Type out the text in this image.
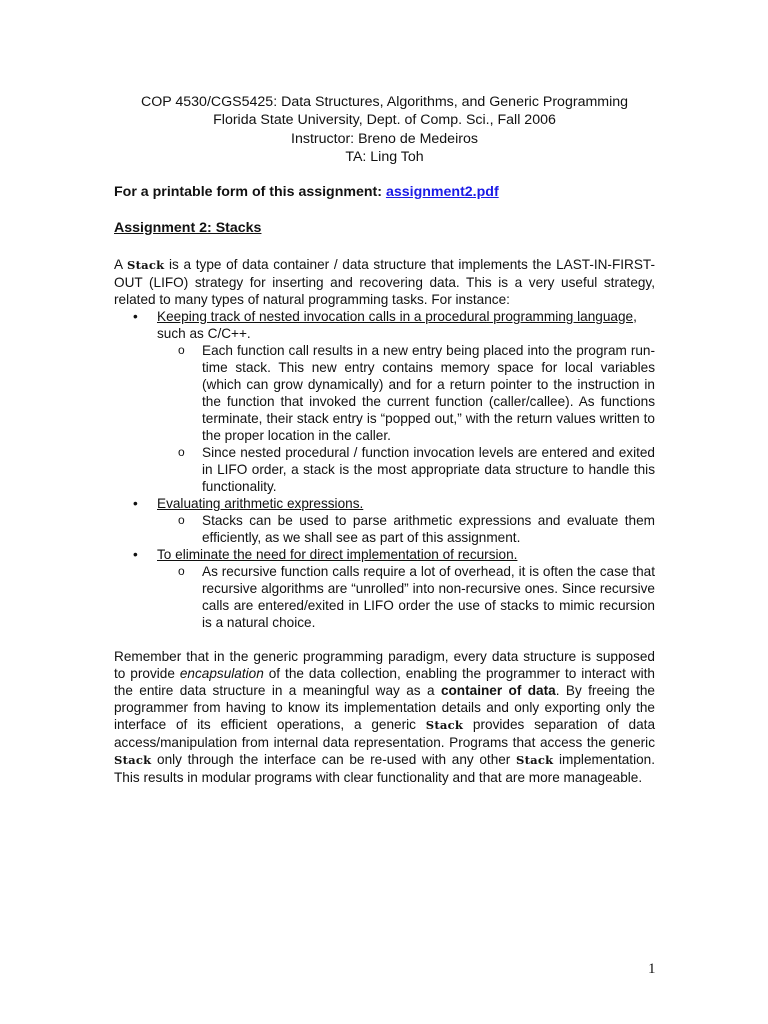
COP 4530/CGS5425: Data Structures, Algorithms, and Generic Programming
Florida State University, Dept. of Comp. Sci., Fall 2006
Instructor: Breno de Medeiros
TA: Ling Toh
For a printable form of this assignment: assignment2.pdf
Assignment 2: Stacks

A Stack is a type of data container / data structure that implements the LAST-IN-FIRST-OUT (LIFO) strategy for inserting and recovering data. This is a very useful strategy, related to many types of natural programming tasks. For instance:

• Keeping track of nested invocation calls in a procedural programming language, such as C/C++.
o Each function call results in a new entry being placed into the program run-time stack. This new entry contains memory space for local variables (which can grow dynamically) and for a return pointer to the instruction in the function that invoked the current function (caller/callee). As functions terminate, their stack entry is “popped out,” with the return values written to the proper location in the caller.
o Since nested procedural / function invocation levels are entered and exited in LIFO order, a stack is the most appropriate data structure to handle this functionality.
• Evaluating arithmetic expressions.
o Stacks can be used to parse arithmetic expressions and evaluate them efficiently, as we shall see as part of this assignment.
• To eliminate the need for direct implementation of recursion.
o As recursive function calls require a lot of overhead, it is often the case that recursive algorithms are “unrolled” into non-recursive ones. Since recursive calls are entered/exited in LIFO order the use of stacks to mimic recursion is a natural choice.

Remember that in the generic programming paradigm, every data structure is supposed to provide encapsulation of the data collection, enabling the programmer to interact with the entire data structure in a meaningful way as a container of data. By freeing the programmer from having to know its implementation details and only exporting only the interface of its efficient operations, a generic Stack provides separation of data access/manipulation from internal data representation. Programs that access the generic Stack only through the interface can be re-used with any other Stack implementation. This results in modular programs with clear functionality and that are more manageable.

1
